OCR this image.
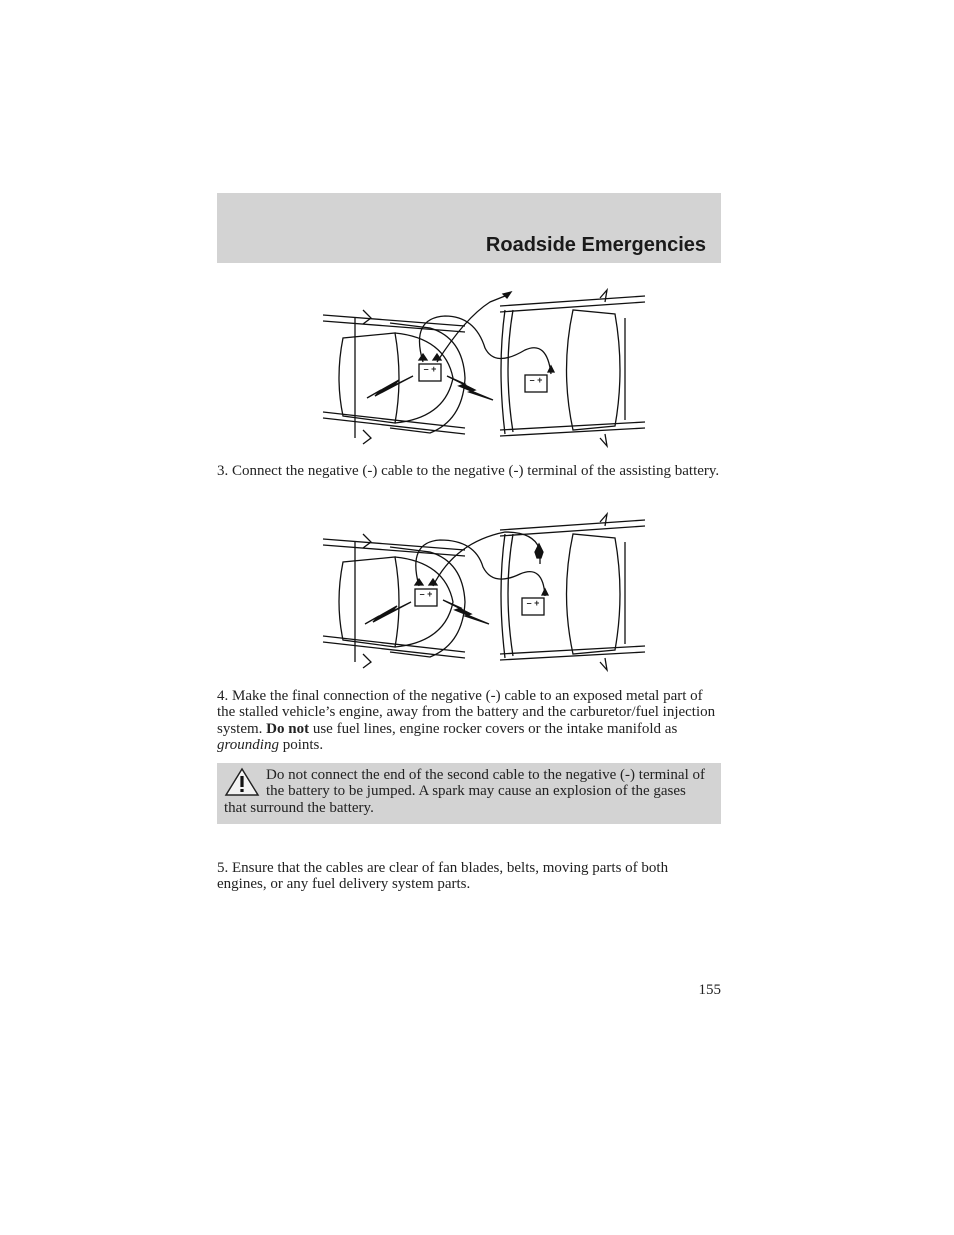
Roadside Emergencies
– +
– +

3. Connect the negative (-) cable to the negative (-) terminal of the assisting battery.

– +
– +

4. Make the final connection of the negative (-) cable to an exposed metal part of the stalled vehicle’s engine, away from the battery and the carburetor/fuel injection system. Do not use fuel lines, engine rocker covers or the intake manifold as grounding points.

Do not connect the end of the second cable to the negative (-) terminal of the battery to be jumped. A spark may cause an explosion of the gases that surround the battery.

5. Ensure that the cables are clear of fan blades, belts, moving parts of both engines, or any fuel delivery system parts.

155
